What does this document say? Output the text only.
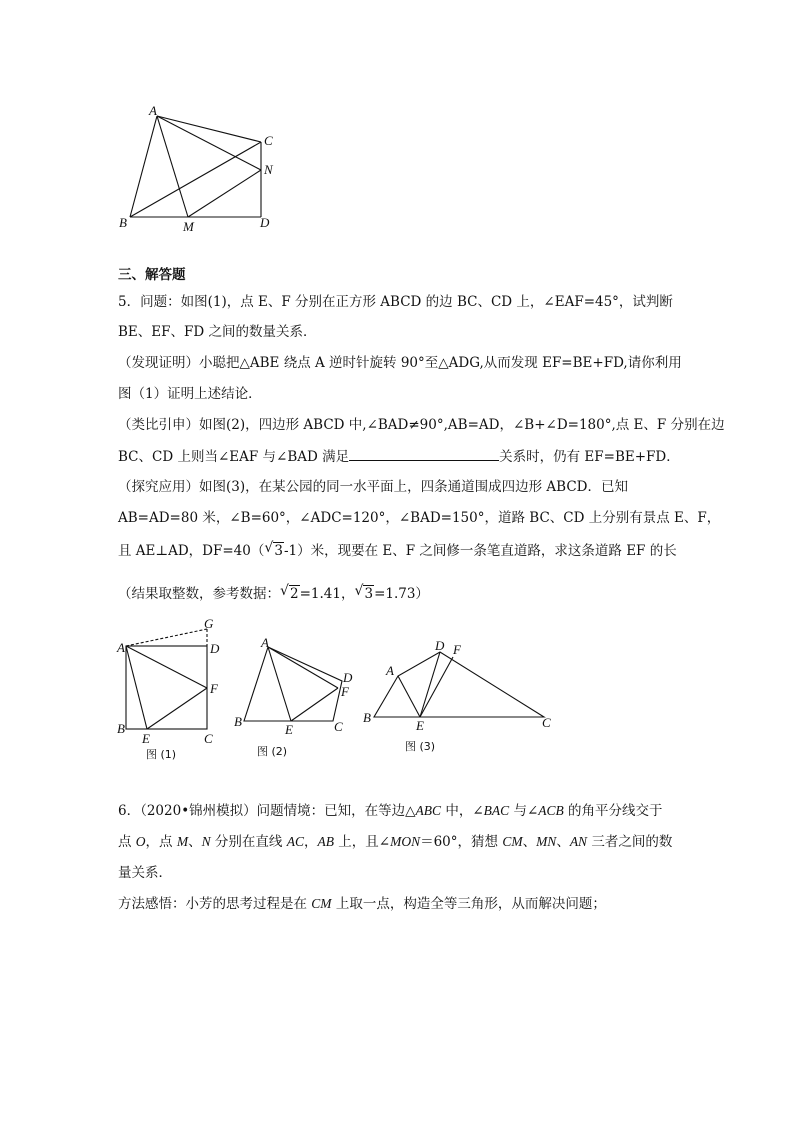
A
B
C
N
M	D
三、解答题
5．问题：如图(1)，点 E、F 分别在正方形 ABCD 的边 BC、CD 上，∠EAF=45°，试判断
BE、EF、FD 之间的数量关系．
（发现证明）小聪把△ABE 绕点 A 逆时针旋转 90°至△ADG,从而发现 EF=BE+FD,请你利用
图（1）证明上述结论．
（类比引申）如图(2)，四边形 ABCD 中,∠BAD≠90°,AB=AD，∠B+∠D=180°,点 E、F 分别在边
BC、CD 上则当∠EAF 与∠BAD 满足	关系时，仍有 EF=BE+FD．
（探究应用）如图(3)，在某公园的同一水平面上，四条通道围成四边形 ABCD．已知
AB=AD=80 米，∠B=60°，∠ADC=120°，∠BAD=150°，道路 BC、CD 上分别有景点 E、F，
且 AE⊥AD，DF=40（ √ 3-1）米，现要在 E、F 之间修一条笔直道路，求这条道路 EF 的长
（结果取整数，参考数据： √ 2=1.41， √ 3=1.73）
A
G
D
F
B
E	C
图 (1)
A
D
F
B
E	C
图 (2)
A
D F
B
E	C
图 (3)
6．（2020•锦州模拟）问题情境：已知，在等边△ABC 中，∠BAC 与∠ACB 的角平分线交于
点 O，点 M、N 分别在直线 AC，AB 上，且∠MON＝60°，猜想 CM、MN、AN 三者之间的数
量关系．
方法感悟：小芳的思考过程是在 CM 上取一点，构造全等三角形，从而解决问题；
